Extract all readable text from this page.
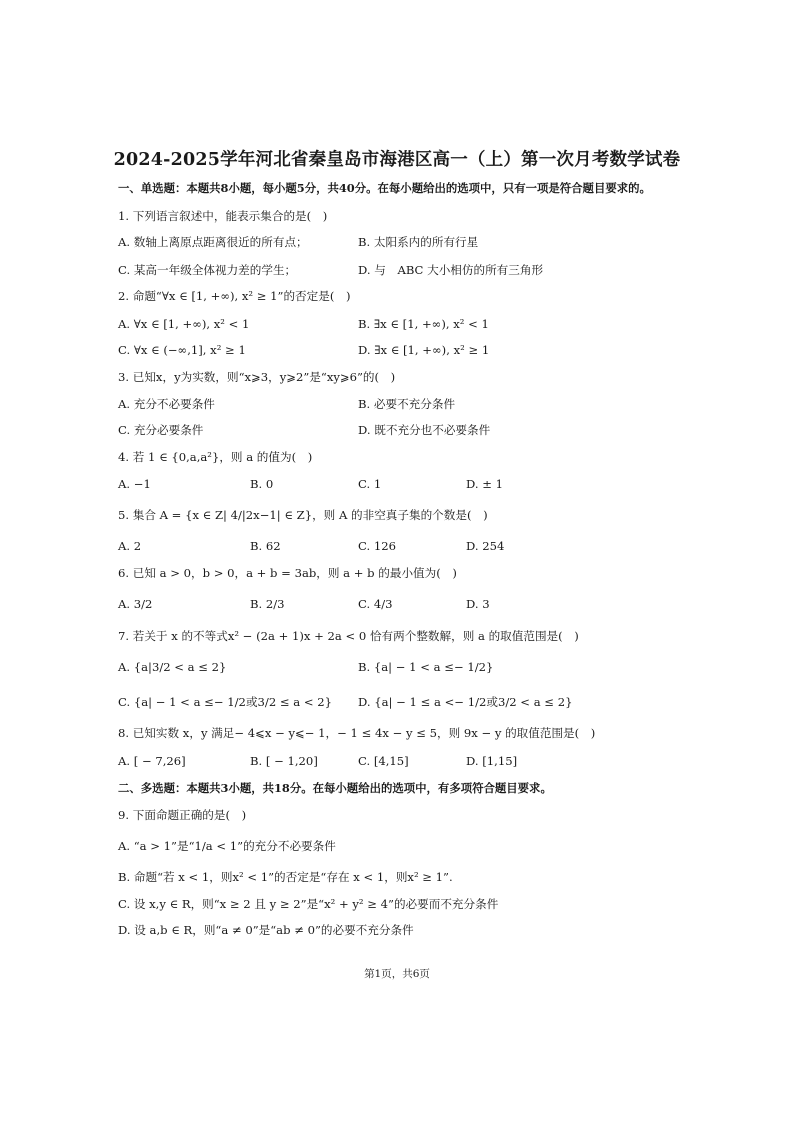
2024-2025学年河北省秦皇岛市海港区高一（上）第一次月考数学试卷
一、单选题：本题共8小题，每小题5分，共40分。在每小题给出的选项中，只有一项是符合题目要求的。
1. 下列语言叙述中，能表示集合的是(　)
A. 数轴上离原点距离很近的所有点；	B. 太阳系内的所有行星
C. 某高一年级全体视力差的学生；	D. 与　ABC 大小相仿的所有三角形
2. 命题“∀x ∈ [1, +∞), x² ≥ 1”的否定是(　)
A. ∀x ∈ [1, +∞), x² < 1	B. ∃x ∈ [1, +∞), x² < 1
C. ∀x ∈ (−∞,1], x² ≥ 1	D. ∃x ∈ [1, +∞), x² ≥ 1
3. 已知x，y为实数，则“x⩾3，y⩾2”是“xy⩾6”的(　)
A. 充分不必要条件	B. 必要不充分条件
C. 充分必要条件	D. 既不充分也不必要条件
4. 若 1 ∈ {0,a,a²}，则 a 的值为(　)
A. −1	B. 0	C. 1	D. ± 1
5. 集合 A = {x ∈ Z| 4/|2x−1| ∈ Z}，则 A 的非空真子集的个数是(　)
A. 2	B. 62	C. 126	D. 254
6. 已知 a > 0，b > 0，a + b = 3ab，则 a + b 的最小值为(　)
A. 3/2	B. 2/3	C. 4/3	D. 3
7. 若关于 x 的不等式x² − (2a + 1)x + 2a < 0 恰有两个整数解，则 a 的取值范围是(　)
A. {a|3/2 < a ≤ 2}	B. {a| − 1 < a ≤− 1/2}
C. {a| − 1 < a ≤− 1/2或3/2 ≤ a < 2} D. {a| − 1 ≤ a <− 1/2或3/2 < a ≤ 2}
8. 已知实数 x，y 满足− 4⩽x − y⩽− 1，− 1 ≤ 4x − y ≤ 5，则 9x − y 的取值范围是(　)
A. [ − 7,26]	B. [ − 1,20]	C. [4,15]	D. [1,15]
二、多选题：本题共3小题，共18分。在每小题给出的选项中，有多项符合题目要求。
9. 下面命题正确的是(　)
A. “a > 1”是“1/a < 1”的充分不必要条件
B. 命题“若 x < 1，则x² < 1”的否定是“存在 x < 1，则x² ≥ 1”.
C. 设 x,y ∈ R，则“x ≥ 2 且 y ≥ 2”是“x² + y² ≥ 4”的必要而不充分条件
D. 设 a,b ∈ R，则“a ≠ 0”是“ab ≠ 0”的必要不充分条件
第1页，共6页
